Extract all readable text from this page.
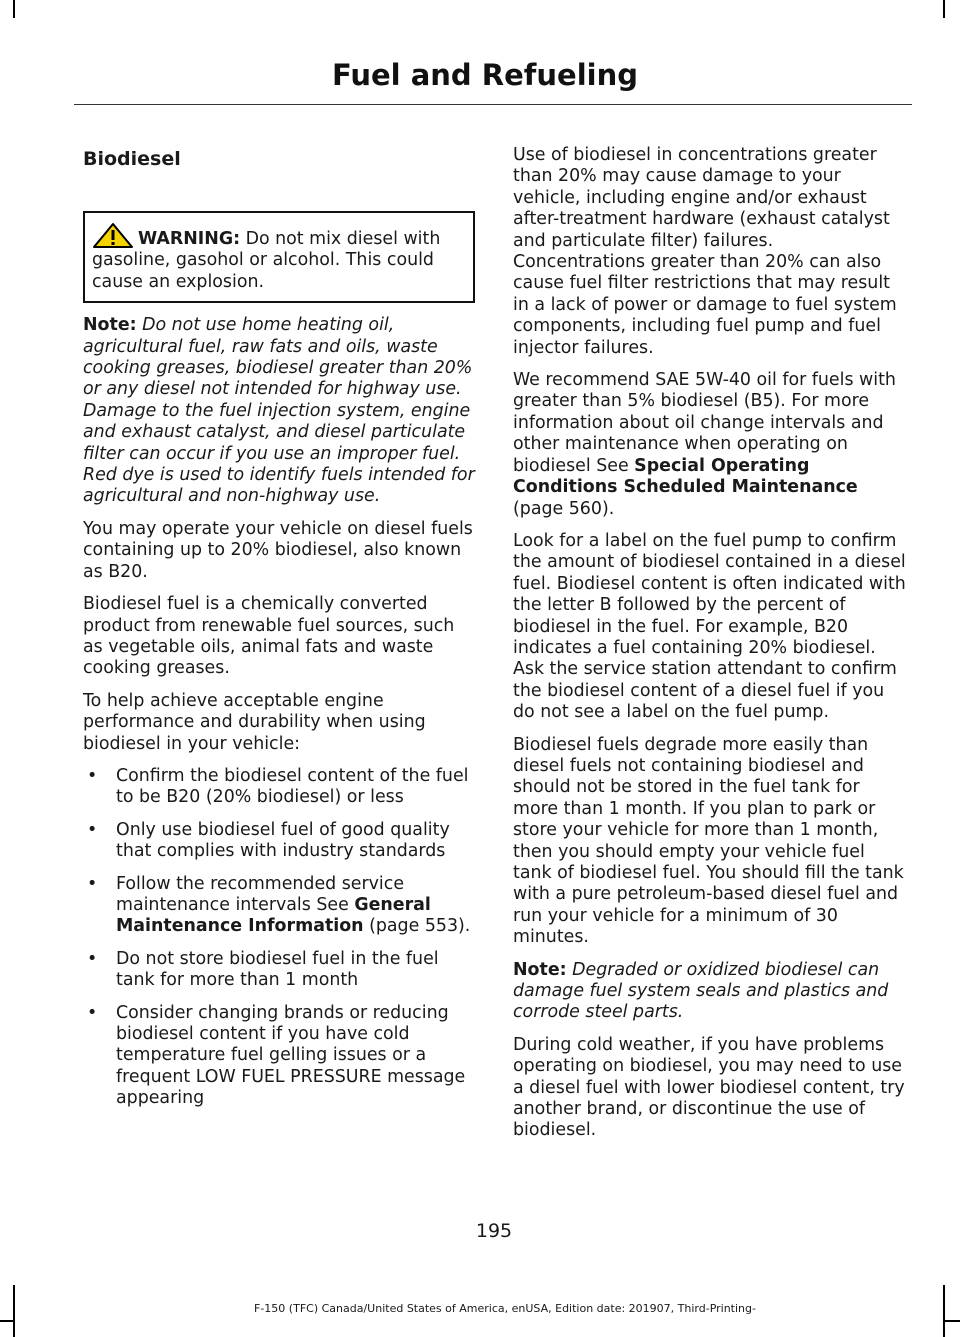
Fuel and Refueling
Biodiesel
WARNING: Do not mix diesel with gasoline, gasohol or alcohol. This could cause an explosion.

Note: Do not use home heating oil, agricultural fuel, raw fats and oils, waste cooking greases, biodiesel greater than 20% or any diesel not intended for highway use. Damage to the fuel injection system, engine and exhaust catalyst, and diesel particulate filter can occur if you use an improper fuel. Red dye is used to identify fuels intended for agricultural and non-highway use.

You may operate your vehicle on diesel fuels containing up to 20% biodiesel, also known as B20.

Biodiesel fuel is a chemically converted product from renewable fuel sources, such as vegetable oils, animal fats and waste cooking greases.

To help achieve acceptable engine performance and durability when using biodiesel in your vehicle:

• Confirm the biodiesel content of the fuel to be B20 (20% biodiesel) or less
• Only use biodiesel fuel of good quality that complies with industry standards
• Follow the recommended service maintenance intervals See General Maintenance Information (page 553).
• Do not store biodiesel fuel in the fuel tank for more than 1 month
• Consider changing brands or reducing biodiesel content if you have cold temperature fuel gelling issues or a frequent LOW FUEL PRESSURE message appearing

Use of biodiesel in concentrations greater than 20% may cause damage to your vehicle, including engine and/or exhaust after-treatment hardware (exhaust catalyst and particulate filter) failures. Concentrations greater than 20% can also cause fuel filter restrictions that may result in a lack of power or damage to fuel system components, including fuel pump and fuel injector failures.

We recommend SAE 5W-40 oil for fuels with greater than 5% biodiesel (B5). For more information about oil change intervals and other maintenance when operating on biodiesel See Special Operating Conditions Scheduled Maintenance (page 560).

Look for a label on the fuel pump to confirm the amount of biodiesel contained in a diesel fuel. Biodiesel content is often indicated with the letter B followed by the percent of biodiesel in the fuel. For example, B20 indicates a fuel containing 20% biodiesel. Ask the service station attendant to confirm the biodiesel content of a diesel fuel if you do not see a label on the fuel pump.

Biodiesel fuels degrade more easily than diesel fuels not containing biodiesel and should not be stored in the fuel tank for more than 1 month. If you plan to park or store your vehicle for more than 1 month, then you should empty your vehicle fuel tank of biodiesel fuel. You should fill the tank with a pure petroleum-based diesel fuel and run your vehicle for a minimum of 30 minutes.

Note: Degraded or oxidized biodiesel can damage fuel system seals and plastics and corrode steel parts.

During cold weather, if you have problems operating on biodiesel, you may need to use a diesel fuel with lower biodiesel content, try another brand, or discontinue the use of biodiesel.

195
F-150 (TFC) Canada/United States of America, enUSA, Edition date: 201907, Third-Printing-
